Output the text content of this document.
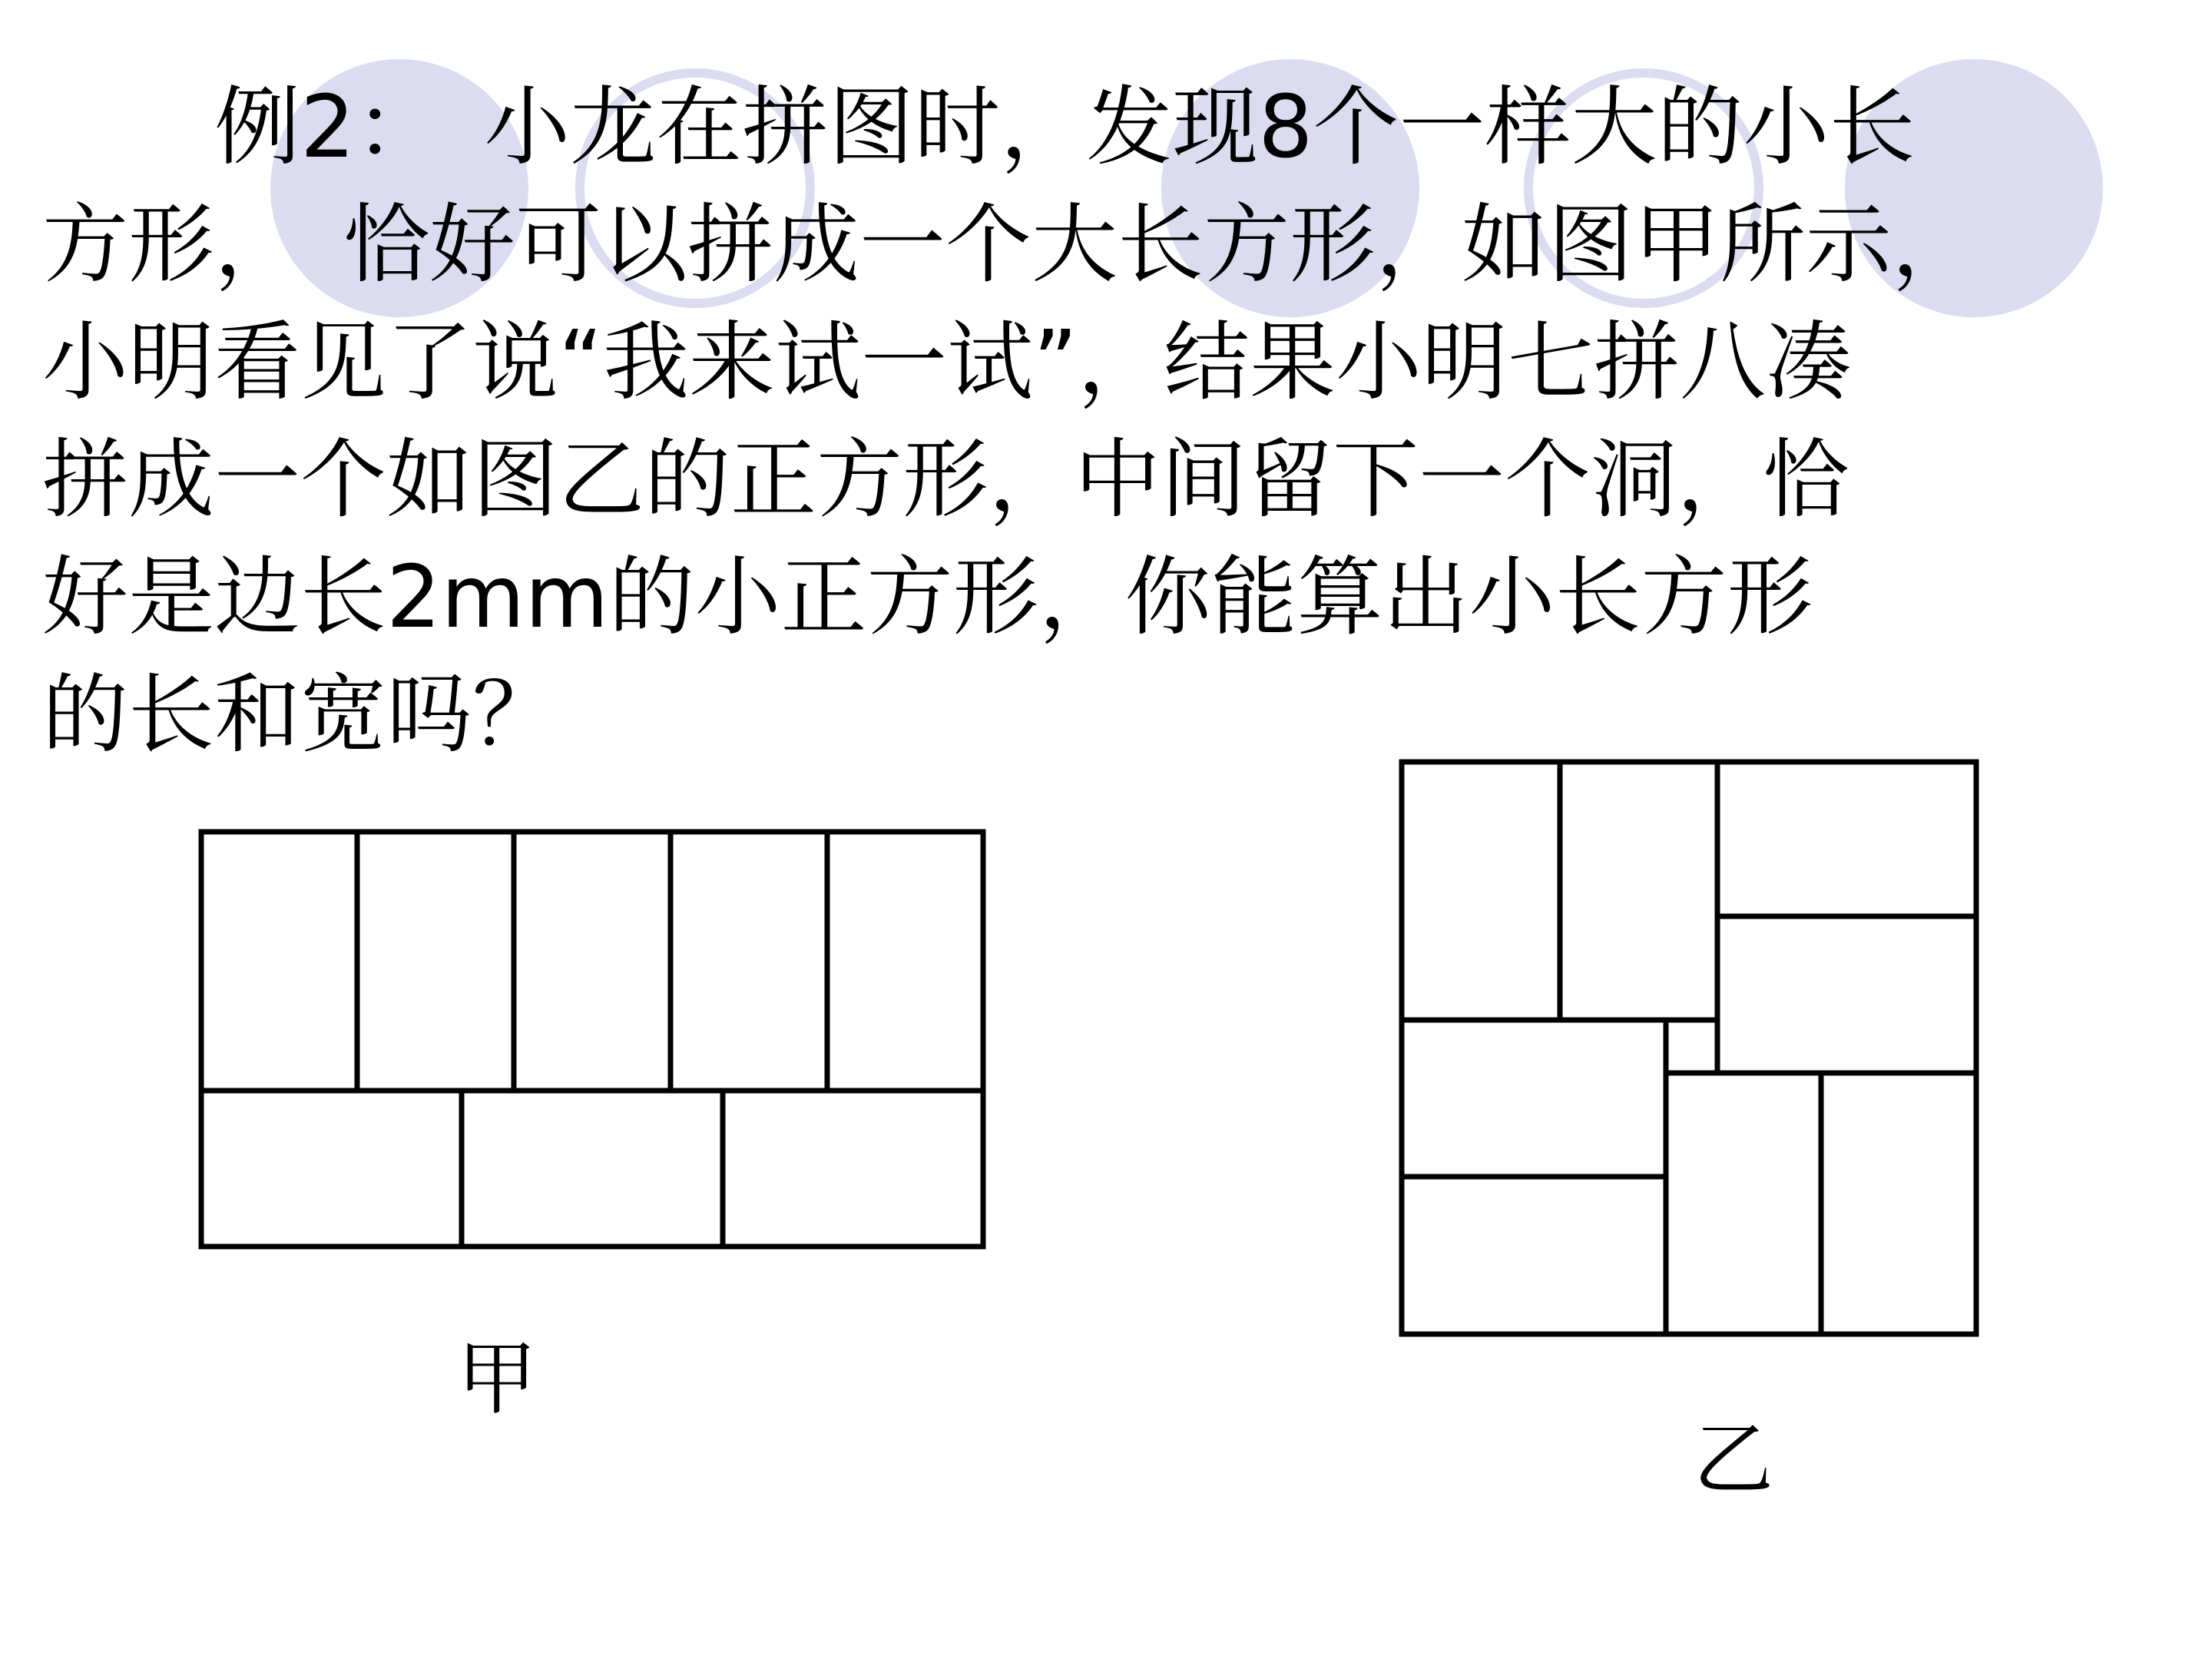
　　例2：　小龙在拼图时，发现8个一样大的小长
方形，　恰好可以拼成一个大长方形，如图甲所示，
小明看见了说“我来试一试”，结果小明七拼八凑
拼成一个如图乙的正方形，中间留下一个洞，恰
好是边长2mm的小正方形，你能算出小长方形
的长和宽吗？
甲
乙
